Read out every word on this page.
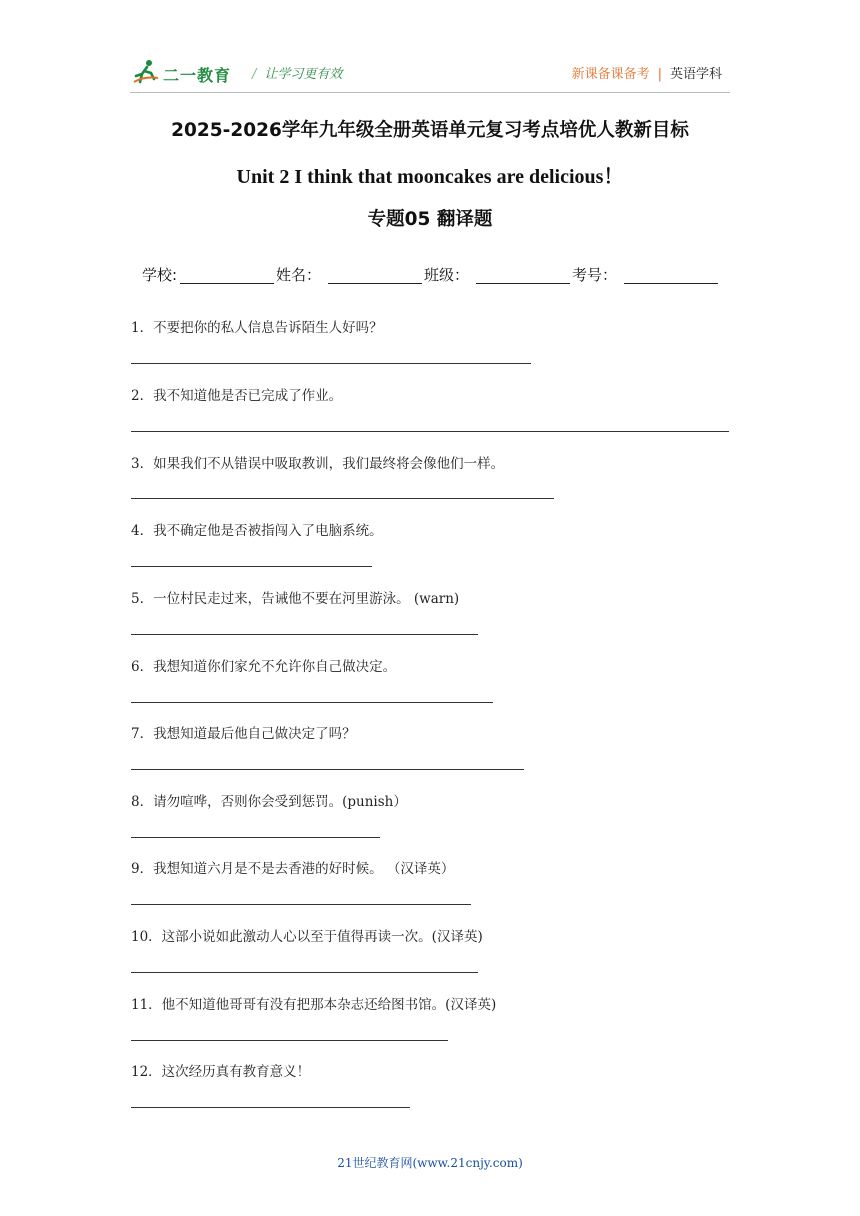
二一教育 / 让学习更有效	新课备课备考 | 英语学科
2025-2026学年九年级全册英语单元复习考点培优人教新目标
Unit 2 I think that mooncakes are delicious！
专题05 翻译题
学校:	姓名：	班级：	考号：
1．不要把你的私人信息告诉陌生人好吗？
2．我不知道他是否已完成了作业。
3．如果我们不从错误中吸取教训，我们最终将会像他们一样。
4．我不确定他是否被指闯入了电脑系统。
5．一位村民走过来，告诫他不要在河里游泳。 (warn)
6．我想知道你们家允不允许你自己做决定。
7．我想知道最后他自己做决定了吗？
8．请勿喧哗，否则你会受到惩罚。(punish）
9．我想知道六月是不是去香港的好时候。 （汉译英）
10．这部小说如此激动人心以至于值得再读一次。(汉译英)
11．他不知道他哥哥有没有把那本杂志还给图书馆。(汉译英)
12．这次经历真有教育意义！
21世纪教育网(www.21cnjy.com)
